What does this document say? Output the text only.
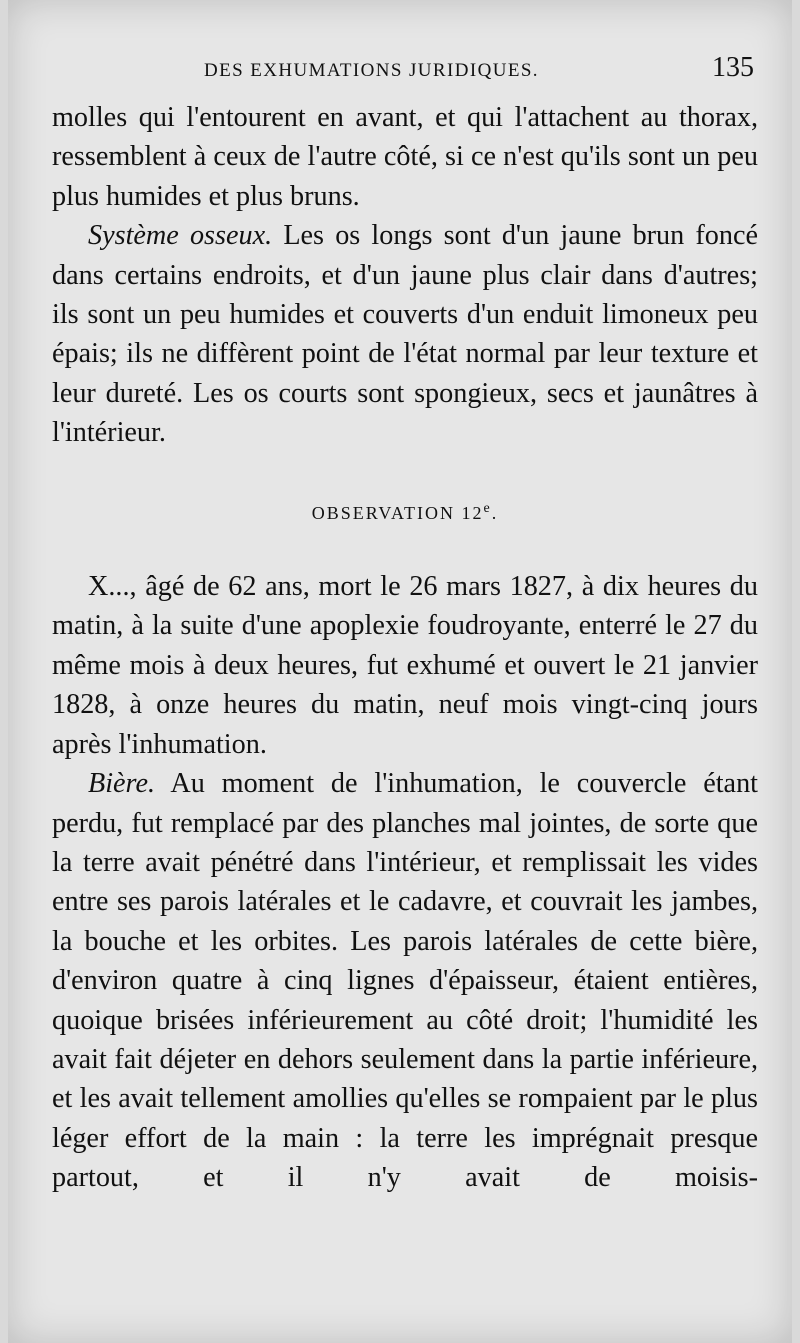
DES EXHUMATIONS JURIDIQUES.	135

molles qui l'entourent en avant, et qui l'attachent au thorax, ressemblent à ceux de l'autre côté, si ce n'est qu'ils sont un peu plus humides et plus bruns.

Système osseux. Les os longs sont d'un jaune brun foncé dans certains endroits, et d'un jaune plus clair dans d'autres; ils sont un peu humides et couverts d'un enduit limoneux peu épais; ils ne diffèrent point de l'état normal par leur texture et leur dureté. Les os courts sont spongieux, secs et jaunâtres à l'intérieur.

OBSERVATION 12e.

X..., âgé de 62 ans, mort le 26 mars 1827, à dix heures du matin, à la suite d'une apoplexie foudroyante, enterré le 27 du même mois à deux heures, fut exhumé et ouvert le 21 janvier 1828, à onze heures du matin, neuf mois vingt-cinq jours après l'inhumation.

Bière. Au moment de l'inhumation, le couvercle étant perdu, fut remplacé par des planches mal jointes, de sorte que la terre avait pénétré dans l'intérieur, et remplissait les vides entre ses parois latérales et le cadavre, et couvrait les jambes, la bouche et les orbites. Les parois latérales de cette bière, d'environ quatre à cinq lignes d'épaisseur, étaient entières, quoique brisées inférieurement au côté droit; l'humidité les avait fait déjeter en dehors seulement dans la partie inférieure, et les avait tellement amollies qu'elles se rompaient par le plus léger effort de la main : la terre les imprégnait presque partout, et il n'y avait de moisis-
